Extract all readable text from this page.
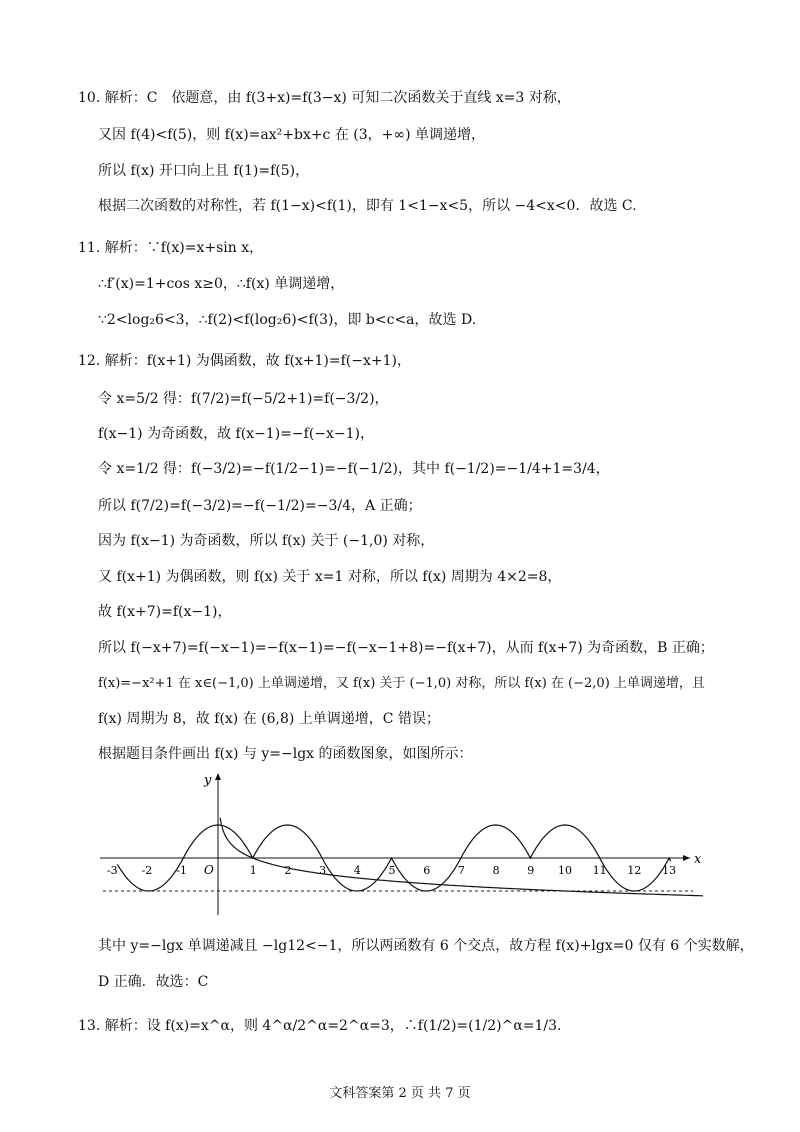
10. 解析：C　依题意，由 f(3+x)=f(3−x) 可知二次函数关于直线 x=3 对称，
又因 f(4)<f(5)，则 f(x)=ax²+bx+c 在 (3，+∞) 单调递增，
所以 f(x) 开口向上且 f(1)=f(5)，
根据二次函数的对称性，若 f(1−x)<f(1)，即有 1<1−x<5，所以 −4<x<0．故选 C.
11. 解析：∵f(x)=x+sin x，
∴f′(x)=1+cos x≥0，∴f(x) 单调递增，
∵2<log₂6<3，∴f(2)<f(log₂6)<f(3)，即 b<c<a，故选 D.
12. 解析：f(x+1) 为偶函数，故 f(x+1)=f(−x+1)，
令 x=5/2 得：f(7/2)=f(−5/2+1)=f(−3/2)，
f(x−1) 为奇函数，故 f(x−1)=−f(−x−1)，
令 x=1/2 得：f(−3/2)=−f(1/2−1)=−f(−1/2)，其中 f(−1/2)=−1/4+1=3/4，
所以 f(7/2)=f(−3/2)=−f(−1/2)=−3/4，A 正确；
因为 f(x−1) 为奇函数，所以 f(x) 关于 (−1,0) 对称，
又 f(x+1) 为偶函数，则 f(x) 关于 x=1 对称，所以 f(x) 周期为 4×2=8，
故 f(x+7)=f(x−1)，
所以 f(−x+7)=f(−x−1)=−f(x−1)=−f(−x−1+8)=−f(x+7)，从而 f(x+7) 为奇函数，B 正确；
f(x)=−x²+1 在 x∈(−1,0) 上单调递增，又 f(x) 关于 (−1,0) 对称，所以 f(x) 在 (−2,0) 上单调递增，且
f(x) 周期为 8，故 f(x) 在 (6,8) 上单调递增，C 错误；
根据题目条件画出 f(x) 与 y=−lgx 的函数图象，如图所示：
x
y
O
-3 -2 -1	1	2	3	4	5	6	7	8	9 10 11 12 13
其中 y=−lgx 单调递减且 −lg12<−1，所以两函数有 6 个交点，故方程 f(x)+lgx=0 仅有 6 个实数解，
D 正确．故选：C
13. 解析：设 f(x)=x^α，则 4^α/2^α=2^α=3，∴f(1/2)=(1/2)^α=1/3.
文科答案第 2 页 共 7 页
